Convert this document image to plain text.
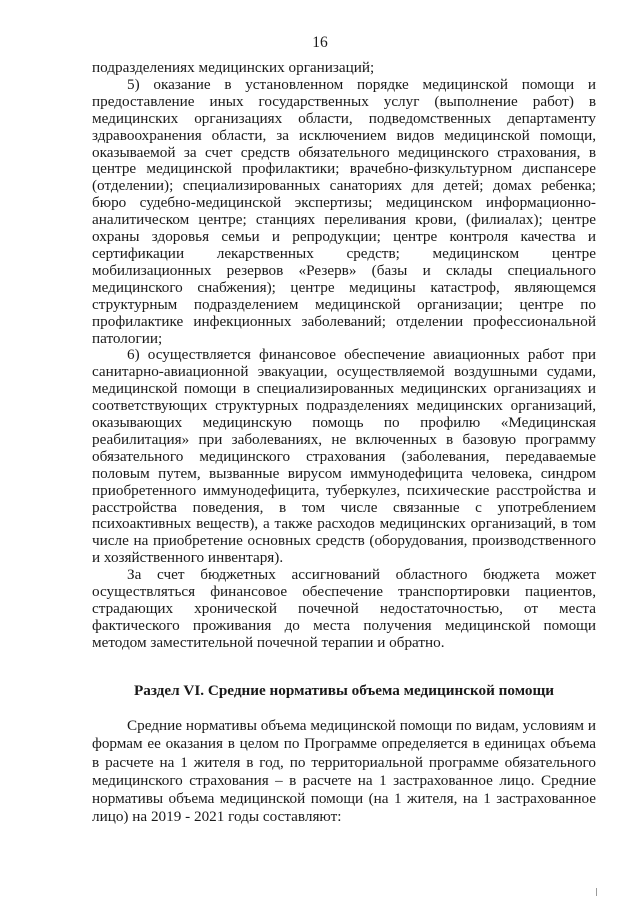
16

подразделениях медицинских организаций;

5) оказание в установленном порядке медицинской помощи и предоставление иных государственных услуг (выполнение работ) в медицинских организациях области, подведомственных департаменту здравоохранения области, за исключением видов медицинской помощи, оказываемой за счет средств обязательного медицинского страхования, в центре медицинской профилактики; врачебно-физкультурном диспансере (отделении); специализированных санаториях для детей; домах ребенка; бюро судебно-медицинской экспертизы; медицинском информационно-аналитическом центре; станциях переливания крови, (филиалах); центре охраны здоровья семьи и репродукции; центре контроля качества и сертификации лекарственных средств; медицинском центре мобилизационных резервов «Резерв» (базы и склады специального медицинского снабжения); центре медицины катастроф, являющемся структурным подразделением медицинской организации; центре по профилактике инфекционных заболеваний; отделении профессиональной патологии;

6) осуществляется финансовое обеспечение авиационных работ при санитарно-авиационной эвакуации, осуществляемой воздушными судами, медицинской помощи в специализированных медицинских организациях и соответствующих структурных подразделениях медицинских организаций, оказывающих медицинскую помощь по профилю «Медицинская реабилитация» при заболеваниях, не включенных в базовую программу обязательного медицинского страхования (заболевания, передаваемые половым путем, вызванные вирусом иммунодефицита человека, синдром приобретенного иммунодефицита, туберкулез, психические расстройства и расстройства поведения, в том числе связанные с употреблением психоактивных веществ), а также расходов медицинских организаций, в том числе на приобретение основных средств (оборудования, производственного и хозяйственного инвентаря).

За счет бюджетных ассигнований областного бюджета может осуществляться финансовое обеспечение транспортировки пациентов, страдающих хронической почечной недостаточностью, от места фактического проживания до места получения медицинской помощи методом заместительной почечной терапии и обратно.

Раздел VI. Средние нормативы объема медицинской помощи

Средние нормативы объема медицинской помощи по видам, условиям и формам ее оказания в целом по Программе определяется в единицах объема в расчете на 1 жителя в год, по территориальной программе обязательного медицинского страхования – в расчете на 1 застрахованное лицо. Средние нормативы объема медицинской помощи (на 1 жителя, на 1 застрахованное лицо) на 2019 - 2021 годы составляют:
